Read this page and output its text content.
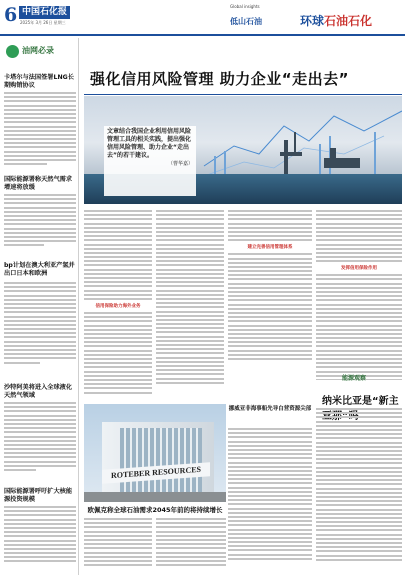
6 中国石化报
2025年 3月 26日 星期三
Global insights
低山石油	环球石油石化
油网必录
卡塔尔与法国签署LNG长期购销协议
国际能源署称天然气需求增速将放缓
bp计划在澳大利亚产氢并出口日本和欧洲
沙特阿美将进入全球液化天然气领域
国际能源署呼吁扩大核能源投资规模
强化信用风险管理 助力企业“走出去”
文章结合我国企业利用信用风险管理工具的相关实践，提出强化信用风险管理、助力企业“走出去”的若干建议。
（曹华嘉）
信用保险助力海外业务
建立完善信用管理体系
发挥信用保险作用
能源观察
纳米比亚是“新主
ROTEBER RESOURCES
欧佩克称全球石油需求2045年前的将持续增长
挪威亚非海事船先导白营资源尖部
